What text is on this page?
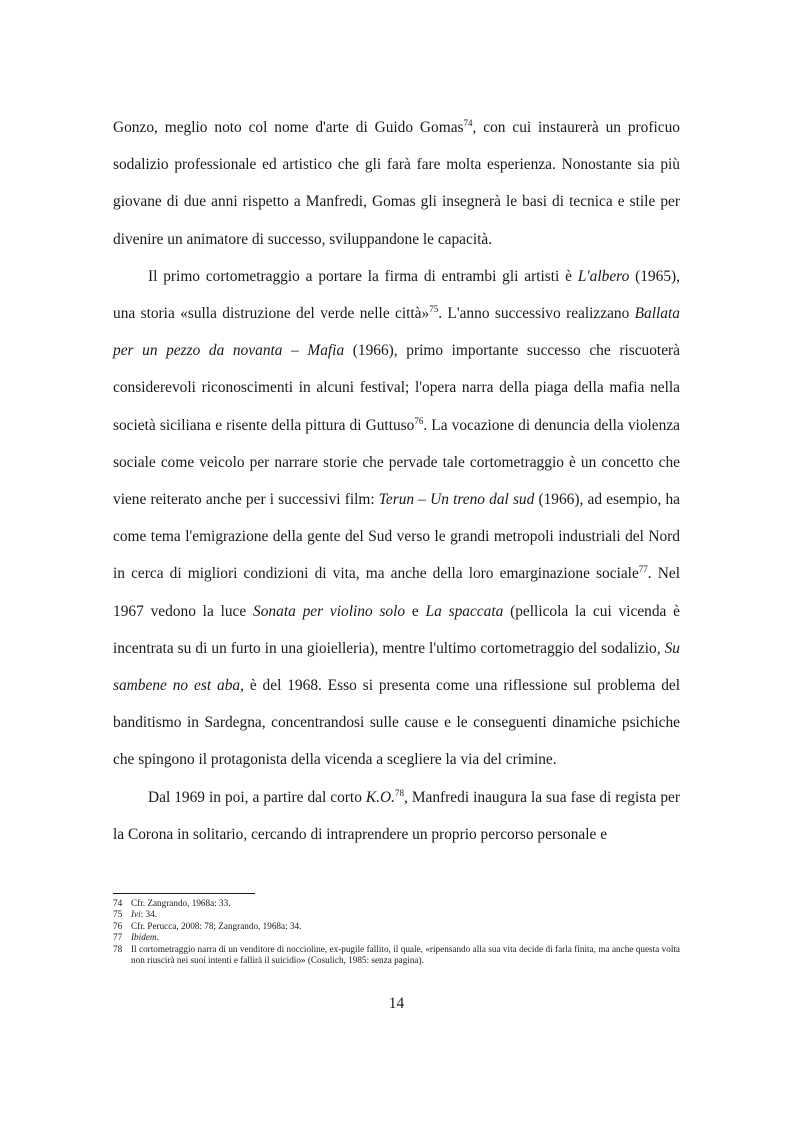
Gonzo, meglio noto col nome d'arte di Guido Gomas$^{74}$, con cui instaurerà un proficuo sodalizio professionale ed artistico che gli farà fare molta esperienza. Nonostante sia più giovane di due anni rispetto a Manfredi, Gomas gli insegnerà le basi di tecnica e stile per divenire un animatore di successo, sviluppandone le capacità.

Il primo cortometraggio a portare la firma di entrambi gli artisti è L'albero (1965), una storia «sulla distruzione del verde nelle città»$^{75}$. L'anno successivo realizzano Ballata per un pezzo da novanta – Mafia (1966), primo importante successo che riscuoterà considerevoli riconoscimenti in alcuni festival; l'opera narra della piaga della mafia nella società siciliana e risente della pittura di Guttuso$^{76}$. La vocazione di denuncia della violenza sociale come veicolo per narrare storie che pervade tale cortometraggio è un concetto che viene reiterato anche per i successivi film: Terun – Un treno dal sud (1966), ad esempio, ha come tema l'emigrazione della gente del Sud verso le grandi metropoli industriali del Nord in cerca di migliori condizioni di vita, ma anche della loro emarginazione sociale$^{77}$. Nel 1967 vedono la luce Sonata per violino solo e La spaccata (pellicola la cui vicenda è incentrata su di un furto in una gioielleria), mentre l'ultimo cortometraggio del sodalizio, Su sambene no est aba, è del 1968. Esso si presenta come una riflessione sul problema del banditismo in Sardegna, concentrandosi sulle cause e le conseguenti dinamiche psichiche che spingono il protagonista della vicenda a scegliere la via del crimine.

Dal 1969 in poi, a partire dal corto K.O.$^{78}$, Manfredi inaugura la sua fase di regista per la Corona in solitario, cercando di intraprendere un proprio percorso personale e

74 Cfr. Zangrando, 1968a: 33.
75 Ivi: 34.
76 Cfr. Perucca, 2008: 78; Zangrando, 1968a: 34.
77 Ibidem.
78 Il cortometraggio narra di un venditore di noccioline, ex-pugile fallito, il quale, «ripensando alla sua vita decide di farla finita, ma anche questa volta non riuscirà nei suoi intenti e fallirà il suicidio» (Cosulich, 1985: senza pagina).
14
